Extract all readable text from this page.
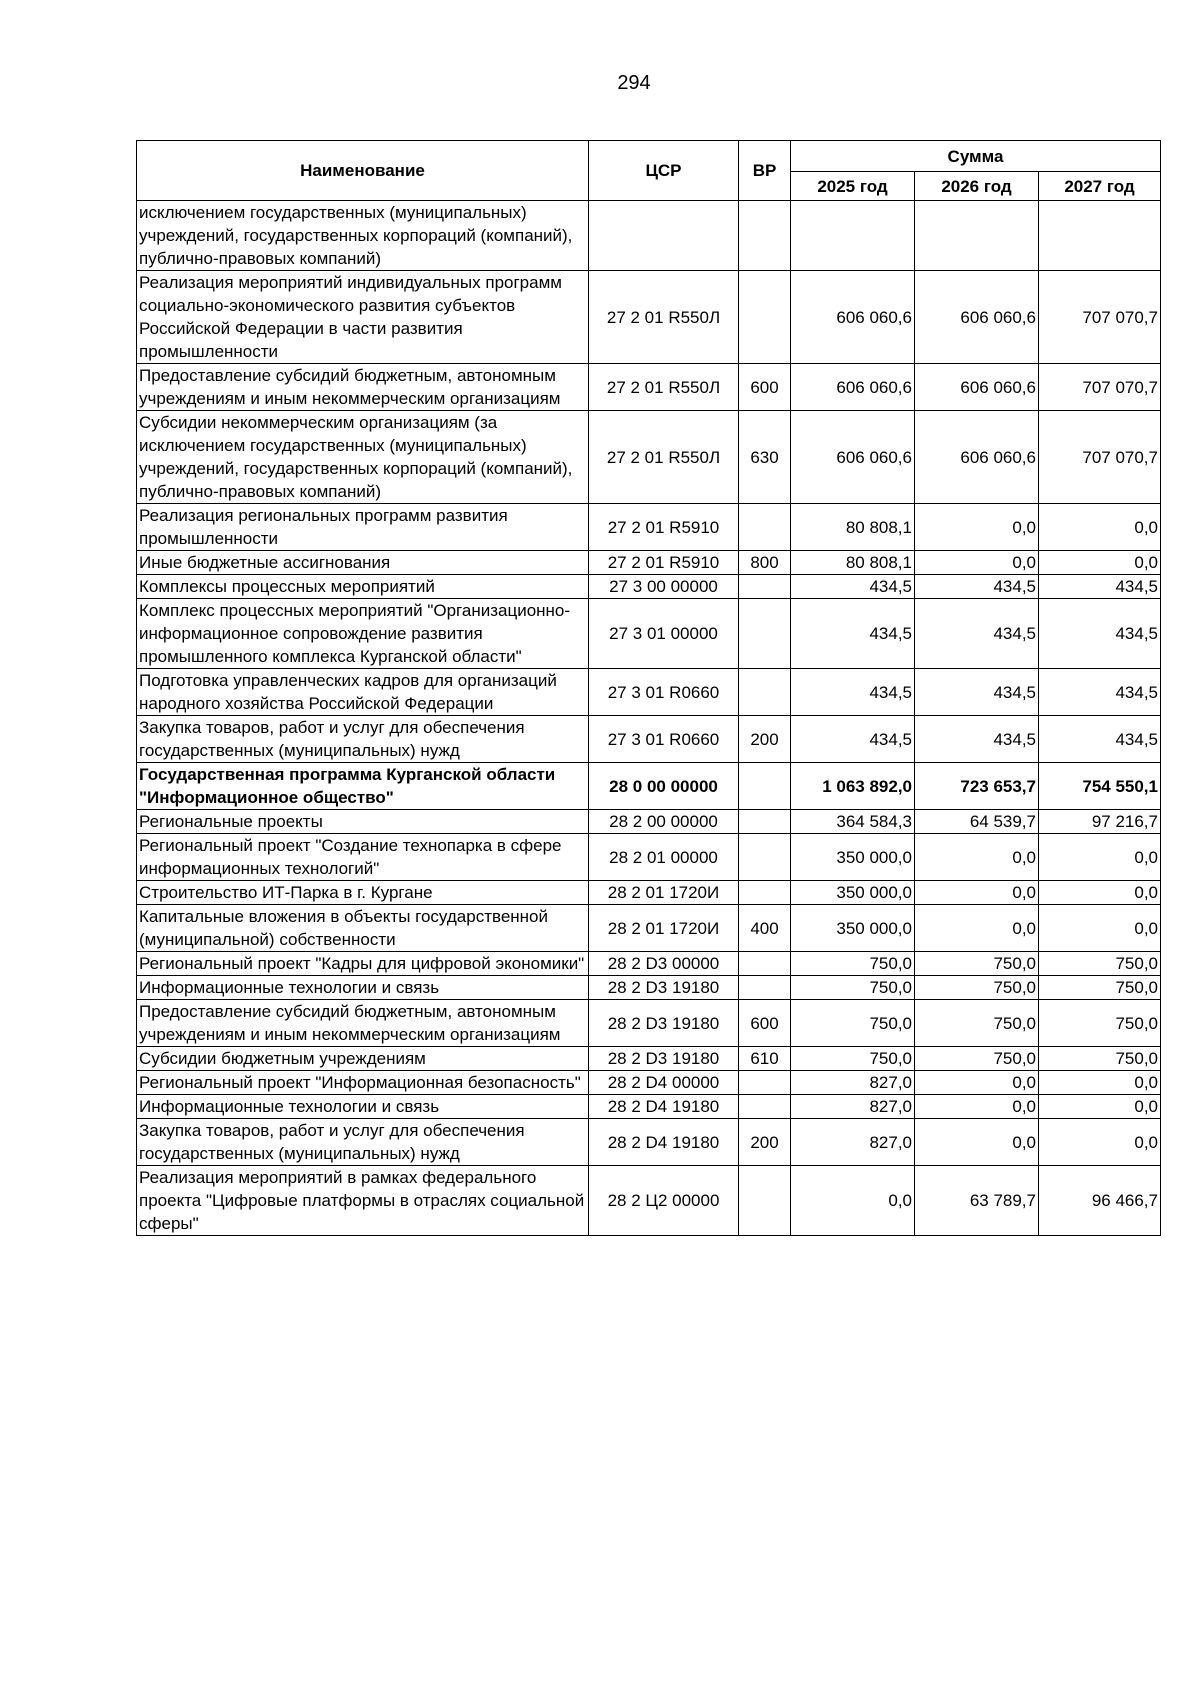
294
Наименование	ЦСР	ВР	Сумма		
			2025 год	2026 год	2027 год
исключением государственных (муниципальных) учреждений, государственных корпораций (компаний), публично-правовых компаний)					
Реализация мероприятий индивидуальных программ социально-экономического развития субъектов Российской Федерации в части развития промышленности	27 2 01 R550Л		606 060,6	606 060,6	707 070,7
Предоставление субсидий бюджетным, автономным учреждениям и иным некоммерческим организациям	27 2 01 R550Л	600	606 060,6	606 060,6	707 070,7
Субсидии некоммерческим организациям (за исключением государственных (муниципальных) учреждений, государственных корпораций (компаний), публично-правовых компаний)	27 2 01 R550Л	630	606 060,6	606 060,6	707 070,7
Реализация региональных программ развития промышленности	27 2 01 R5910		80 808,1	0,0	0,0
Иные бюджетные ассигнования	27 2 01 R5910	800	80 808,1	0,0	0,0
Комплексы процессных мероприятий	27 3 00 00000		434,5	434,5	434,5
Комплекс процессных мероприятий "Организационно-информационное сопровождение развития промышленного комплекса Курганской области"	27 3 01 00000		434,5	434,5	434,5
Подготовка управленческих кадров для организаций народного хозяйства Российской Федерации	27 3 01 R0660		434,5	434,5	434,5
Закупка товаров, работ и услуг для обеспечения государственных (муниципальных) нужд	27 3 01 R0660	200	434,5	434,5	434,5
Государственная программа Курганской области "Информационное общество"	28 0 00 00000		1 063 892,0	723 653,7	754 550,1
Региональные проекты	28 2 00 00000		364 584,3	64 539,7	97 216,7
Региональный проект "Создание технопарка в сфере информационных технологий"	28 2 01 00000		350 000,0	0,0	0,0
Строительство ИТ-Парка в г. Кургане	28 2 01 1720И		350 000,0	0,0	0,0
Капитальные вложения в объекты государственной (муниципальной) собственности	28 2 01 1720И	400	350 000,0	0,0	0,0
Региональный проект "Кадры для цифровой экономики"	28 2 D3 00000		750,0	750,0	750,0
Информационные технологии и связь	28 2 D3 19180		750,0	750,0	750,0
Предоставление субсидий бюджетным, автономным учреждениям и иным некоммерческим организациям	28 2 D3 19180	600	750,0	750,0	750,0
Субсидии бюджетным учреждениям	28 2 D3 19180	610	750,0	750,0	750,0
Региональный проект "Информационная безопасность"	28 2 D4 00000		827,0	0,0	0,0
Информационные технологии и связь	28 2 D4 19180		827,0	0,0	0,0
Закупка товаров, работ и услуг для обеспечения государственных (муниципальных) нужд	28 2 D4 19180	200	827,0	0,0	0,0
Реализация мероприятий в рамках федерального проекта "Цифровые платформы в отраслях социальной сферы"	28 2 Ц2 00000		0,0	63 789,7	96 466,7
